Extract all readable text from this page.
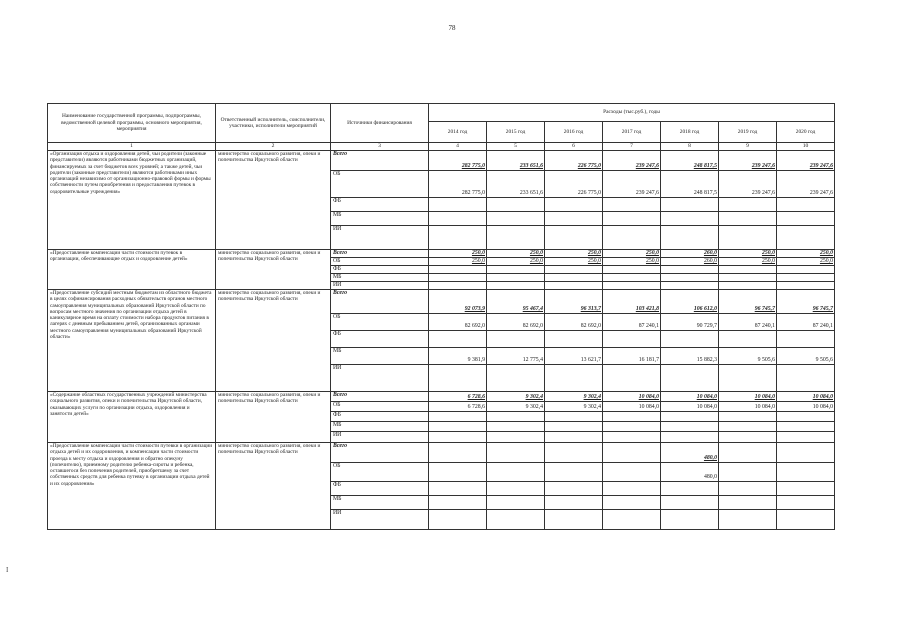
78
I
Наименование государственной программы, подпрограммы, ведомственной целевой программы, основного мероприятия, мероприятия	Ответственный исполнитель, соисполнители, участники, исполнители мероприятий	Источники финансирования	Расходы (тыс.руб.), годы						
			2014 год	2015 год	2016 год	2017 год	2018 год	2019 год	2020 год
1	2	3	4	5	6	7	8	9	10
«Организация отдыха и оздоровления детей, чьи родители (законные представители) являются работниками бюджетных организаций, финансируемых за счет бюджетов всех уровней; а также детей, чьи родители (законные представители) являются работниками иных организаций независимо от организационно-правовой формы и формы собственности путем приобретения и предоставления путевок в оздоровительные учреждения»	министерство социального развития, опеки и попечительства Иркутской области	Всего	282 775,0	233 651,6	226 775,0	239 247,6	248 817,5	239 247,6	239 247,6
		ОБ	282 775,0	233 651,6	226 775,0	239 247,6	248 817,5	239 247,6	239 247,6
		ФБ							
		МБ							
		ИИ							
«Предоставление компенсации части стоимости путевок в организации, обеспечивающие отдых и оздоровление детей»	министерство социального развития, опеки и попечительства Иркутской области	Всего	250,0	250,0	250,0	250,0	260,0	250,0	250,0
		ОБ	250,0	250,0	250,0	250,0	260,0	250,0	250,0
		ФБ							
		МБ							
		ИИ							
«Предоставление субсидий местным бюджетам из областного бюджета в целях софинансирования расходных обязательств органов местного самоуправления муниципальных образований Иркутской области по вопросам местного значения по организации отдыха детей в каникулярное время на оплату стоимости набора продуктов питания в лагерях с дневным пребыванием детей, организованных органами местного самоуправления муниципальных образований Иркутской области»	министерство социального развития, опеки и попечительства Иркутской области	Всего	92 073,9	95 467,4	96 313,7	103 421,8	106 612,0	96 745,7	96 745,7
		ОБ	82 692,0	82 692,0	82 692,0	87 240,1	90 729,7	87 240,1	87 240,1
		ФБ							
		МБ	9 381,9	12 775,4	13 621,7	16 181,7	15 882,3	9 505,6	9 505,6
		ИИ							
«Содержание областных государственных учреждений министерства социального развития, опеки и попечительства Иркутской области, оказывающих услуги по организации отдыха, оздоровления и занятости детей»	министерство социального развития, опеки и попечительства Иркутской области	Всего	6 728,6	9 302,4	9 302,4	10 084,0	10 084,0	10 084,0	10 084,0
		ОБ	6 728,6	9 302,4	9 302,4	10 084,0	10 084,0	10 084,0	10 084,0
		ФБ							
		МБ							
		ИИ							
«Предоставление компенсации части стоимости путевки в организации отдыха детей и их оздоровления, и компенсации части стоимости проезда к месту отдыха и оздоровления и обратно опекуну (попечителю), приемному родителю ребенка-сироты и ребенка, оставшегося без попечения родителей, приобретшему за счет собственных средств для ребенка путевку в организации отдыха детей и их оздоровления»	министерство социального развития, опеки и попечительства Иркутской области	Всего					480,0		
		ОБ					480,0		
		ФБ							
		МБ							
		ИИ							
